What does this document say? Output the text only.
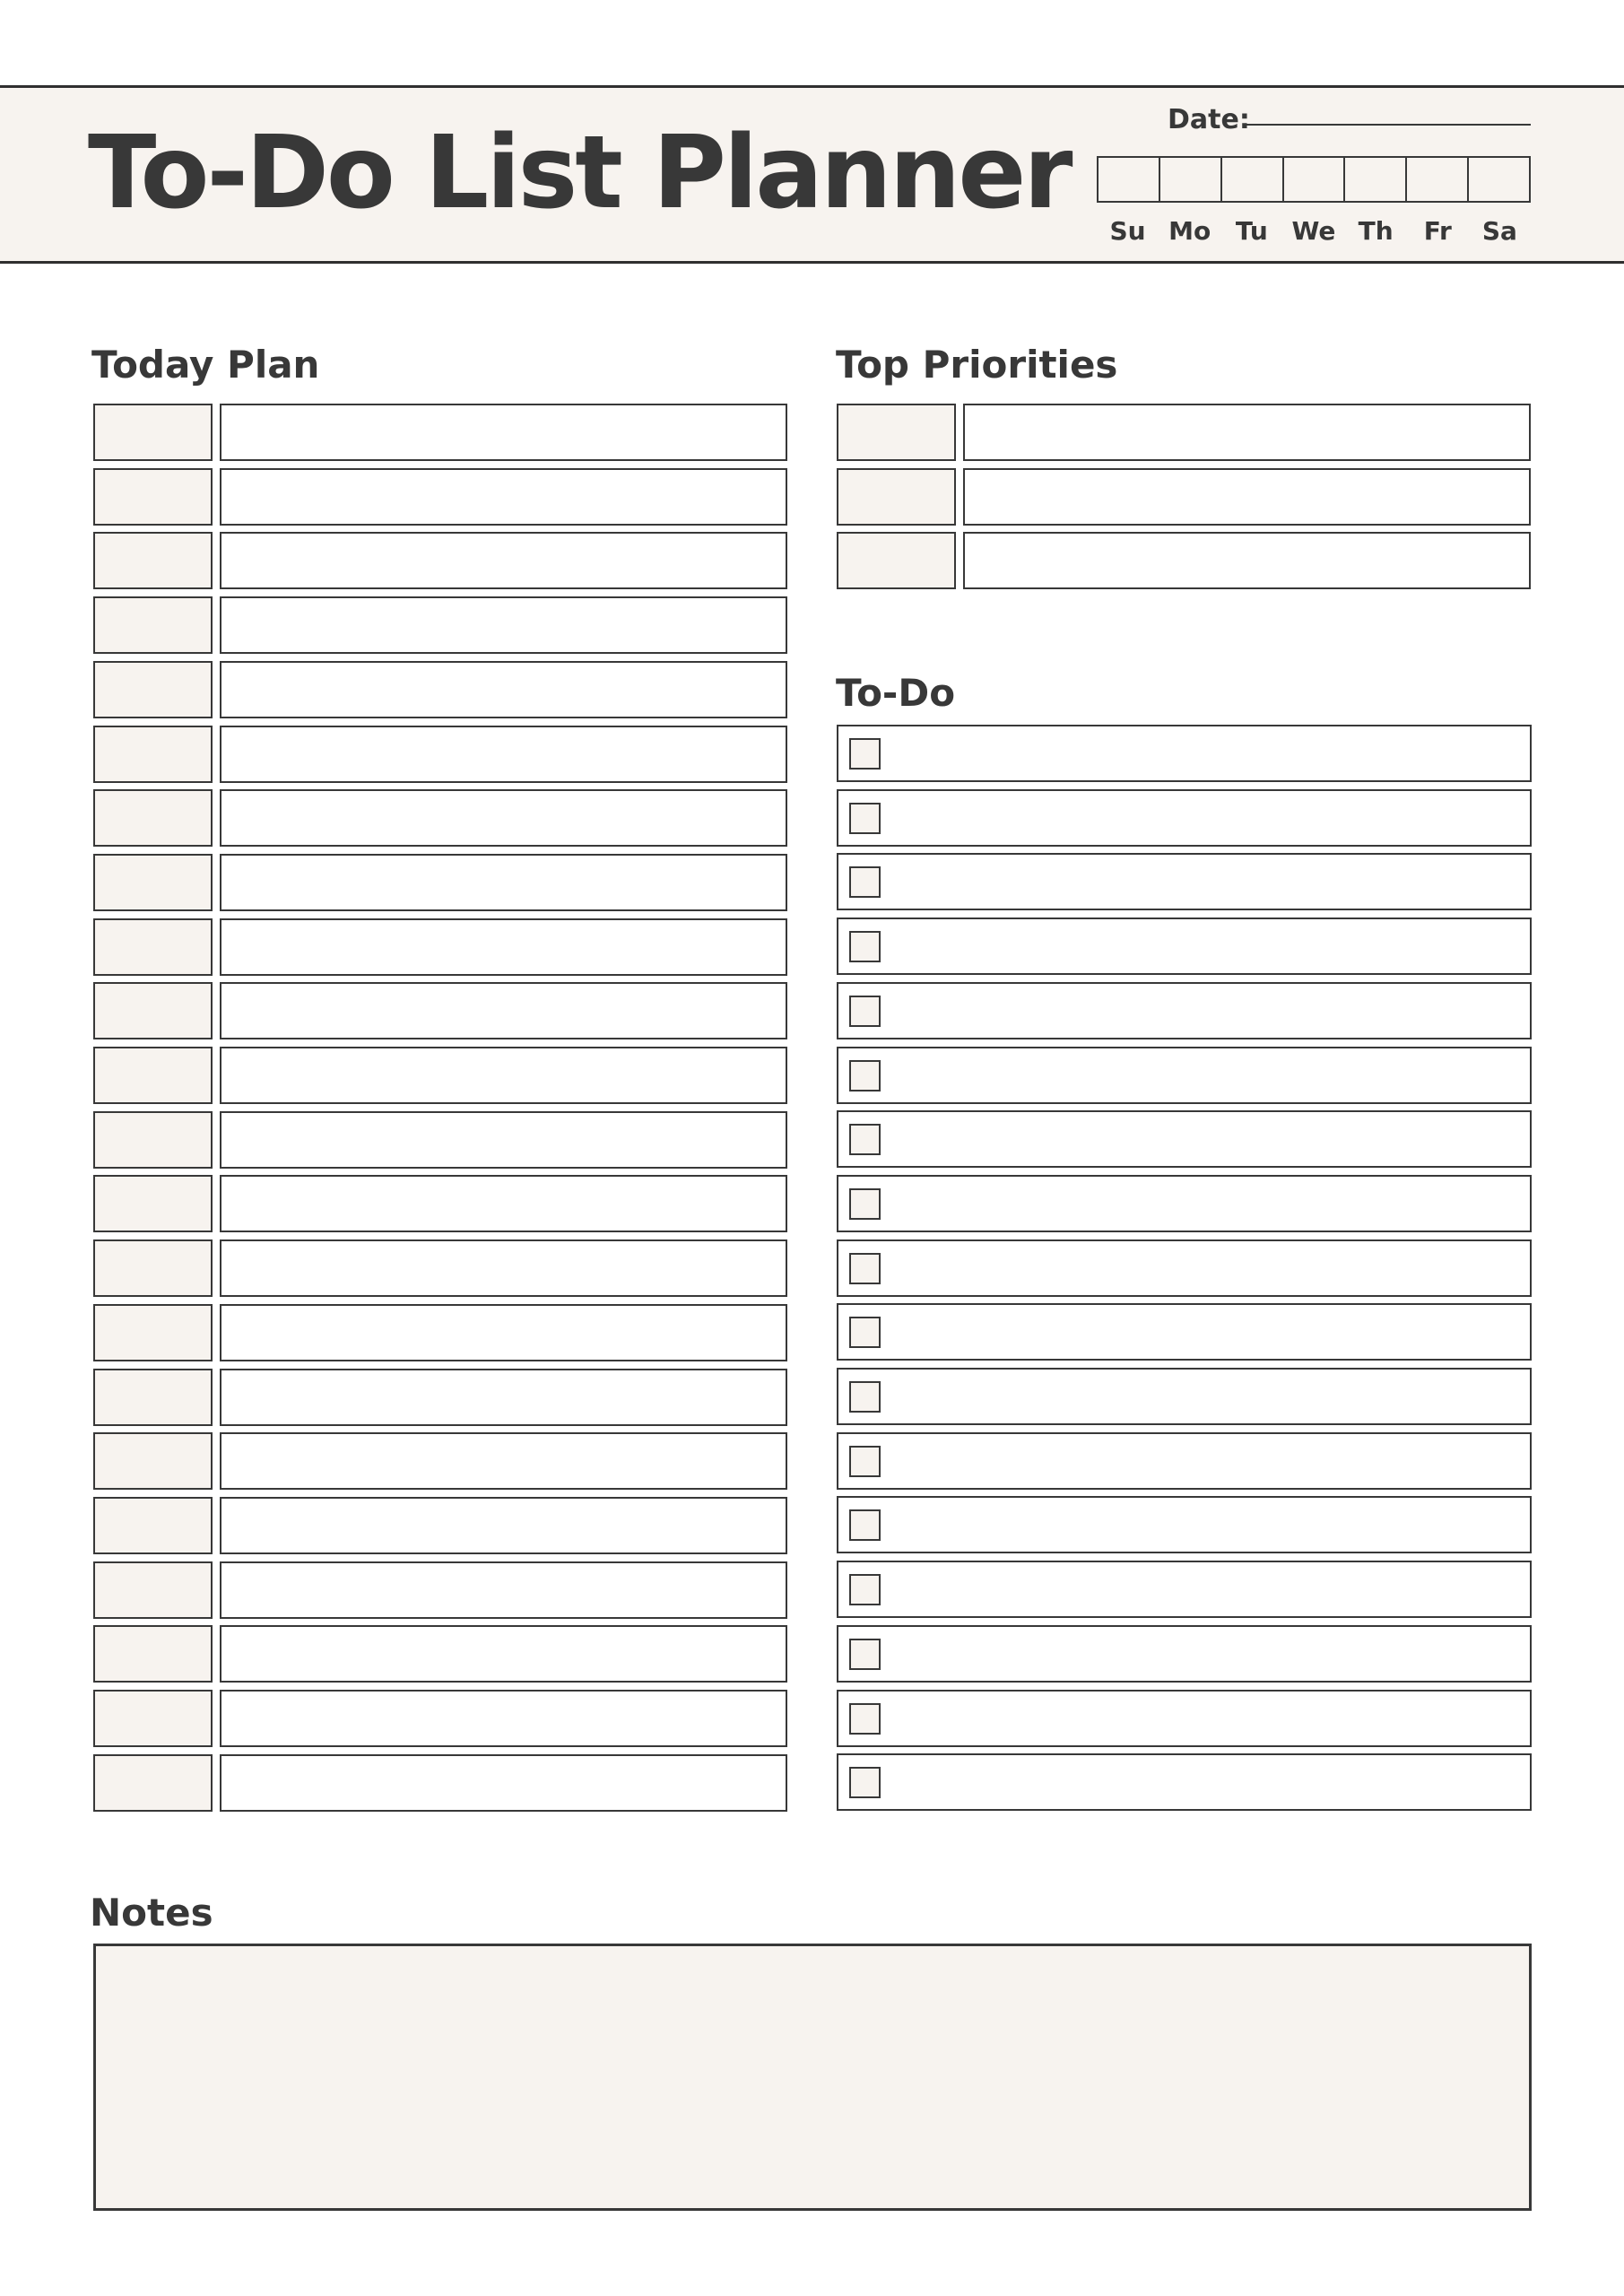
To-Do List Planner	Date:
Su Mo Tu We Th	Fr	Sa
Today Plan	Top Priorities
To-Do
Notes
